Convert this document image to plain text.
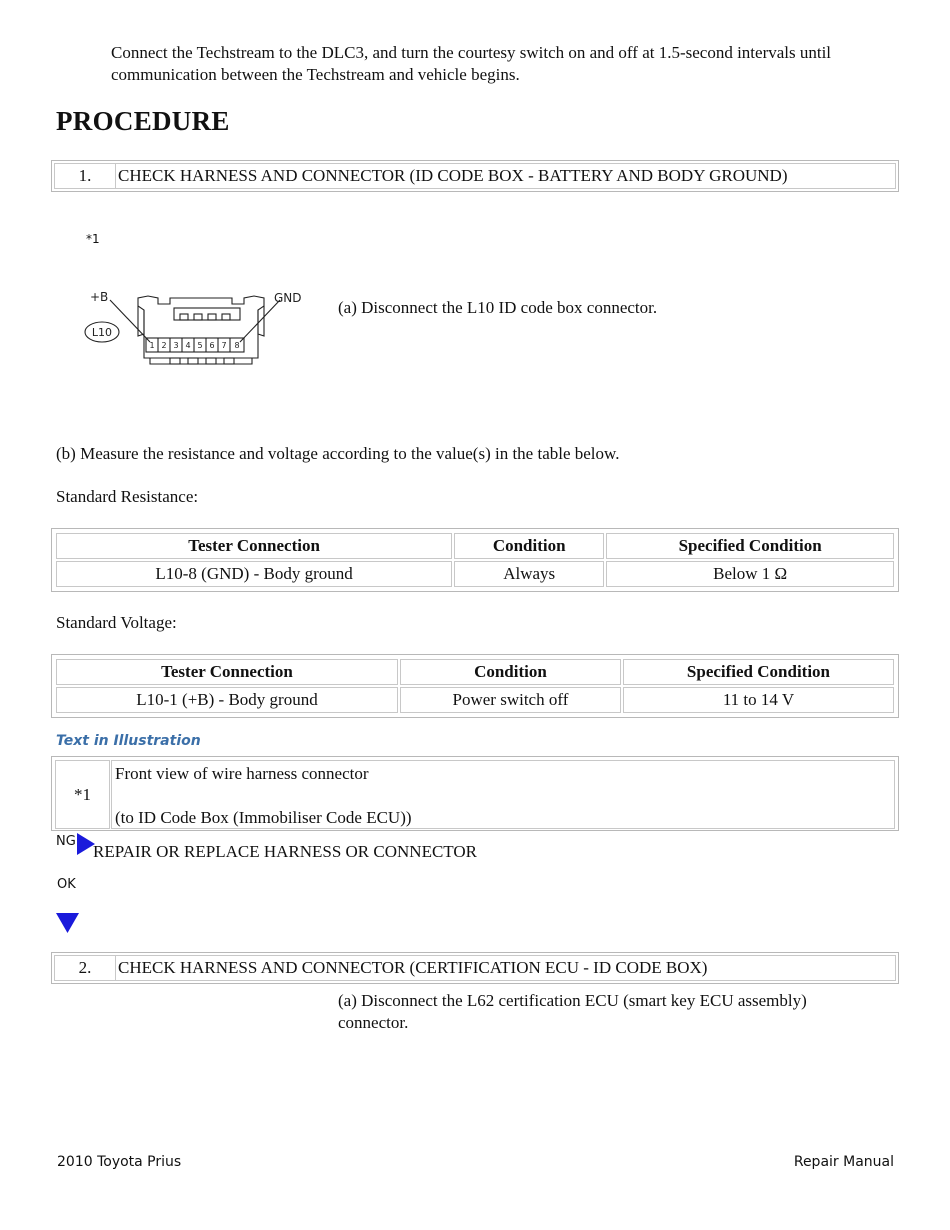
Connect the Techstream to the DLC3, and turn the courtesy switch on and off at 1.5-second intervals until communication between the Techstream and vehicle begins.
PROCEDURE
1.	CHECK HARNESS AND CONNECTOR (ID CODE BOX - BATTERY AND BODY GROUND)
*1
1 2 3 4 5 6 7 8
+B	GND
L10
(a) Disconnect the L10 ID code box connector.
(b) Measure the resistance and voltage according to the value(s) in the table below.
Standard Resistance:
Tester Connection	Condition	Specified Condition
L10-8 (GND) - Body ground	Always	Below 1 Ω
Standard Voltage:
Tester Connection	Condition	Specified Condition
L10-1 (+B) - Body ground	Power switch off	11 to 14 V
Text in Illustration
*1
Front view of wire harness connector
(to ID Code Box (Immobiliser Code ECU))
NG
REPAIR OR REPLACE HARNESS OR CONNECTOR
OK
2.	CHECK HARNESS AND CONNECTOR (CERTIFICATION ECU - ID CODE BOX)
(a) Disconnect the L62 certification ECU (smart key ECU assembly) connector.
2010 Toyota Prius	Repair Manual
